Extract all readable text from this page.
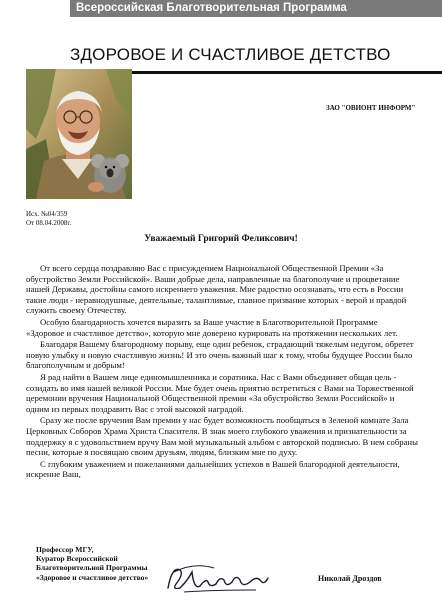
Всероссийская Благотворительная Программа
ЗДОРОВОЕ И СЧАСТЛИВОЕ ДЕТСТВО
ЗАО "ОВИОНТ ИНФОРМ"
Исх. №04/359
От 08.04.2008г.
Уважаемый Григорий Феликсович!

От всего сердца поздравляю Вас с присуждением Национальной Общественной Премии «За обустройство Земли Российской». Ваши добрые дела, направленные на благополучие и процветание нашей Державы, достойны самого искреннего уважения. Мне радостно осознавать, что есть в России такие люди - неравнодушные, деятельные, талантливые, главное призвание которых - верой и правдой служить своему Отечеству.

Особую благодарность хочется выразить за Ваше участие в Благотворительной Программе «Здоровое и счастливое детство», которую мне доверено курировать на протяжении нескольких лет.

Благодаря Вашему благородному порыву, еще один ребенок, страдающий тяжелым недугом, обретет новую улыбку и новую счастливую жизнь! И это очень важный шаг к тому, чтобы будущее России было благополучным и добрым!

Я рад найти в Вашем лице единомышленника и соратника. Нас с Вами объединяет общая цель - созидать во имя нашей великой России. Мне будет очень приятно встретиться с Вами на Торжественной церемонии вручения Национальной Общественной премии «За обустройство Земли Российской» и одним из первых поздравить Вас с этой высокой наградой.

Сразу же после вручения Вам премии у нас будет возможность пообщаться в Зеленой комнате Зала Церковных Соборов Храма Христа Спасителя. В знак моего глубокого уважения и признательности за поддержку я с удовольствием вручу Вам мой музыкальный альбом с авторской подписью. В нем собраны песни, которые я посвящаю своим друзьям, людям, близким мне по духу.

С глубоким уважением и пожеланиями дальнейших успехов в Вашей благородной деятельности, искренне Ваш,

Профессор МГУ,
Куратор Всероссийской
Благотворительной Программы
«Здоровое и счастливое детство»	Николай Дроздов
